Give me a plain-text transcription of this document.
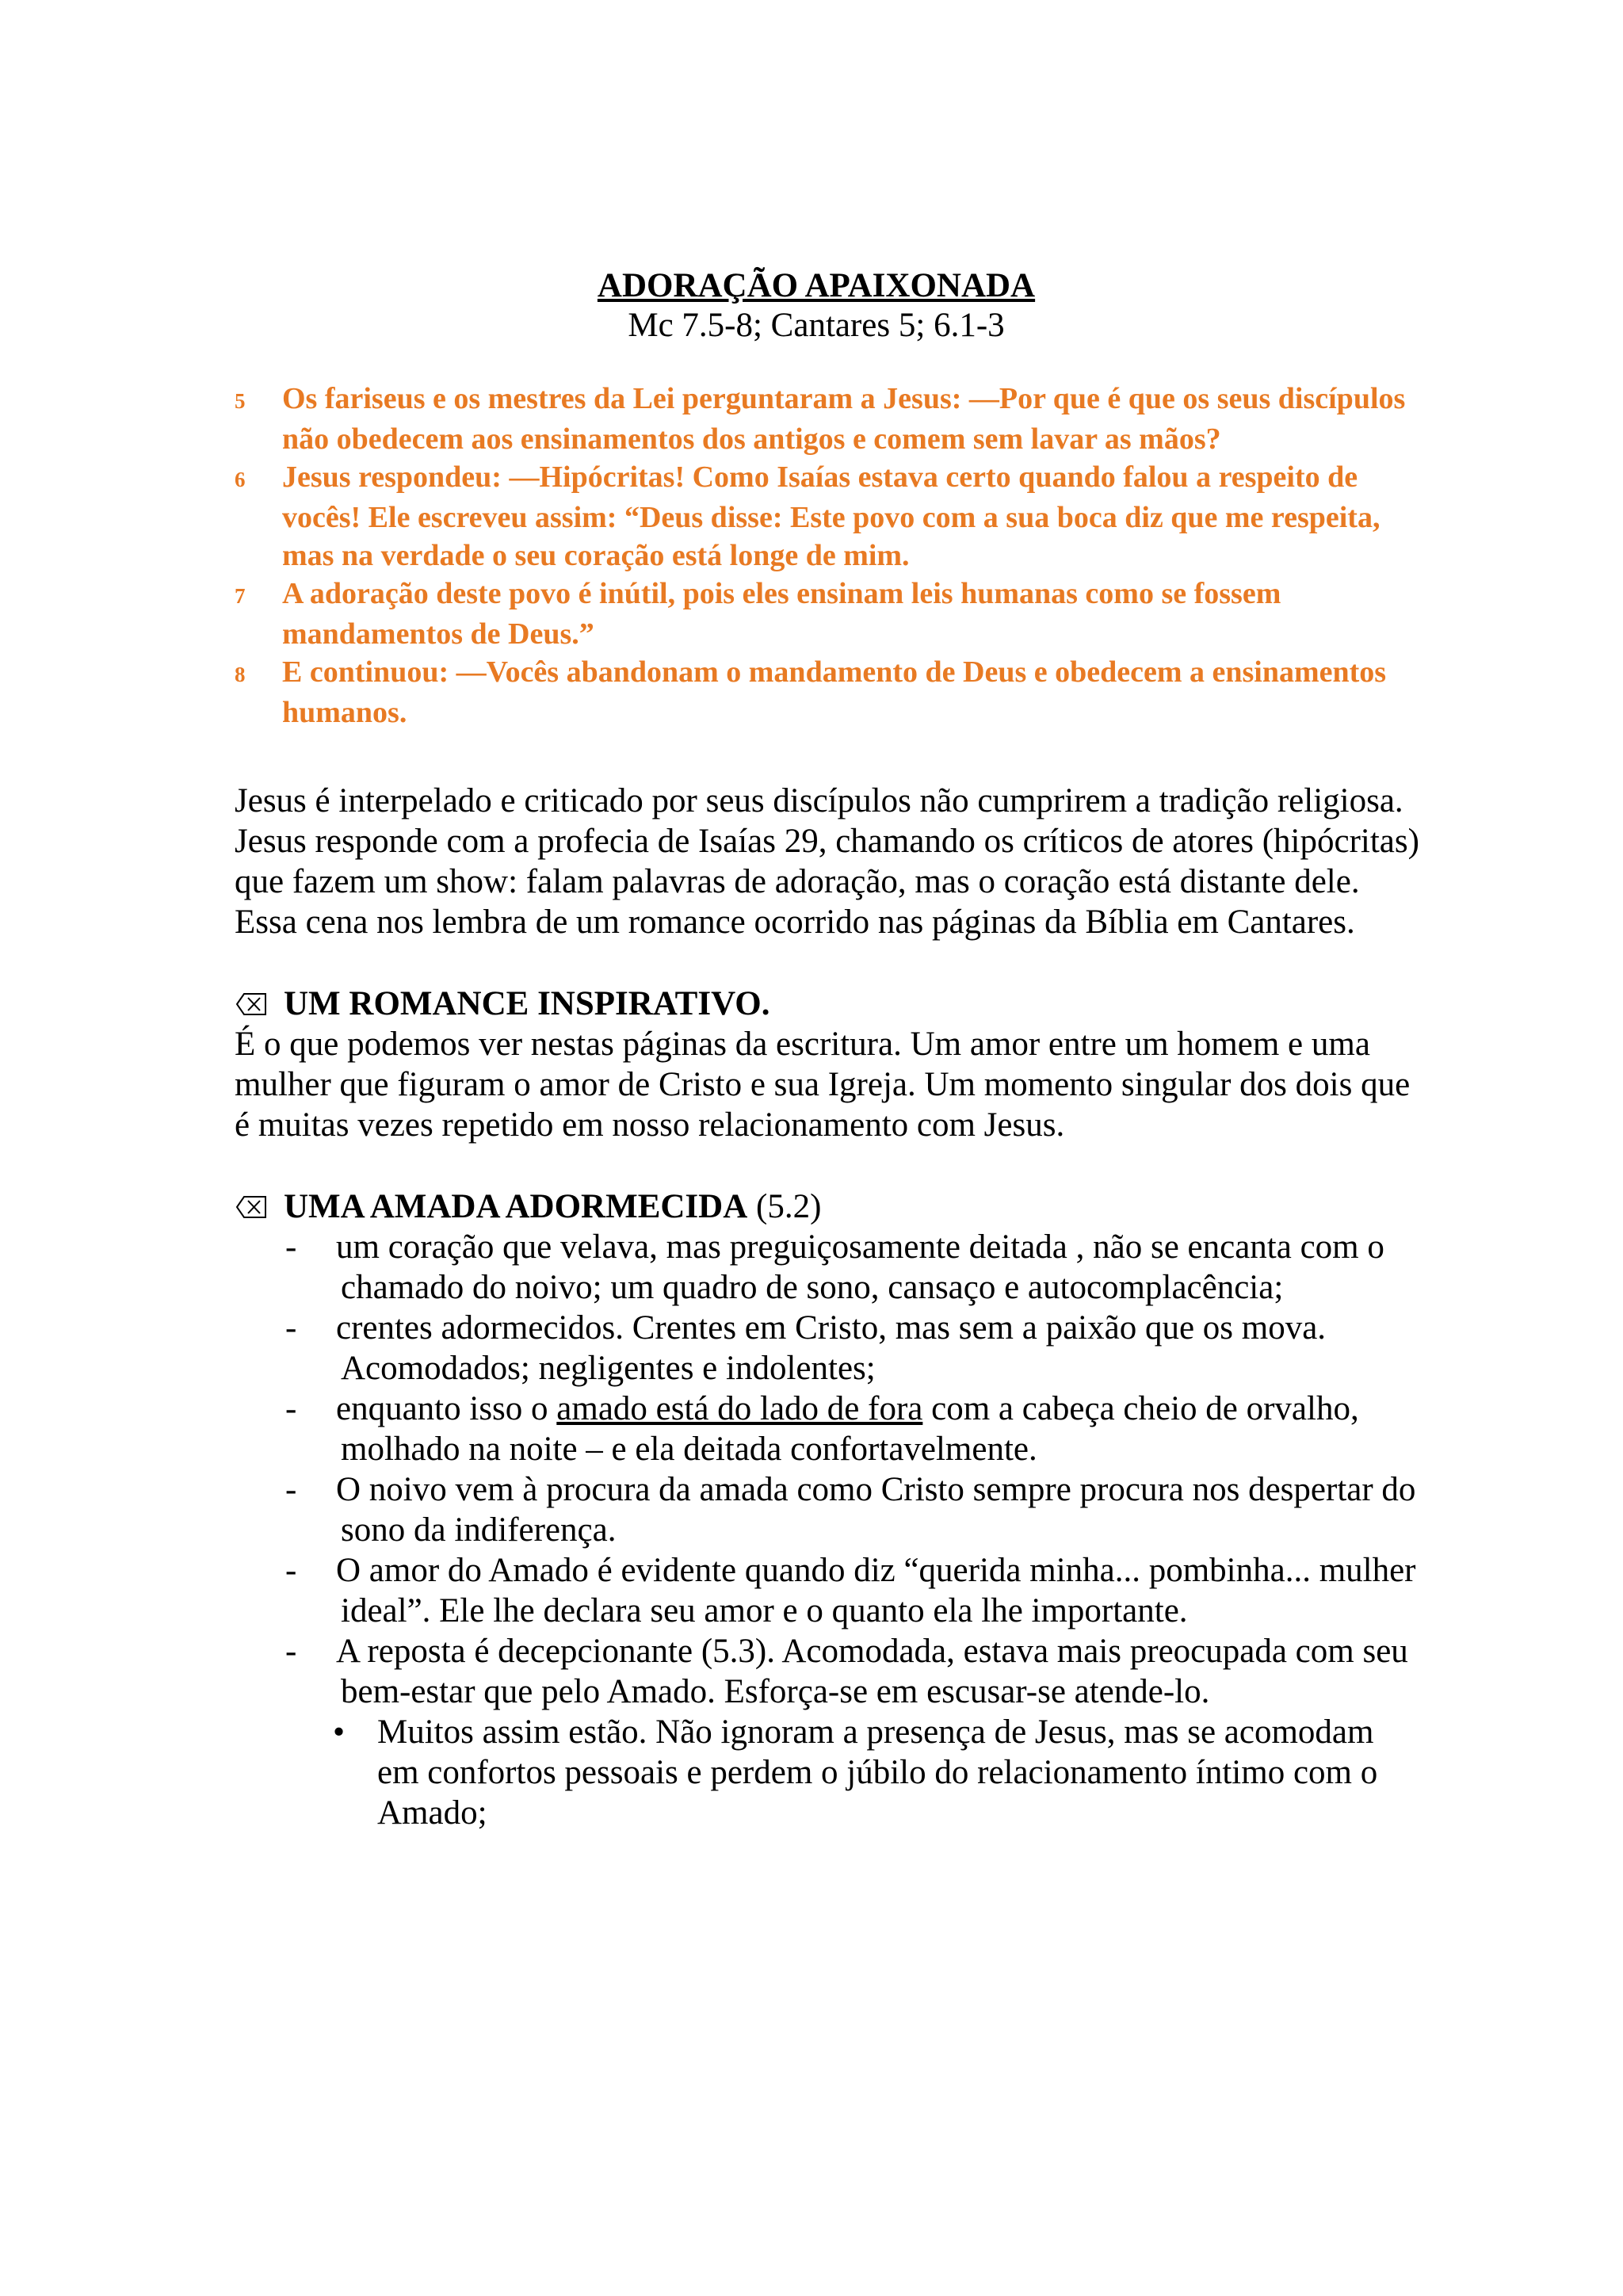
ADORAÇÃO APAIXONADA

Mc 7.5-8; Cantares 5; 6.1-3

5 Os fariseus e os mestres da Lei perguntaram a Jesus: —Por que é que os seus discípulos não obedecem aos ensinamentos dos antigos e comem sem lavar as mãos?
6 Jesus respondeu: —Hipócritas! Como Isaías estava certo quando falou a respeito de vocês! Ele escreveu assim: “Deus disse: Este povo com a sua boca diz que me respeita, mas na verdade o seu coração está longe de mim.
7 A adoração deste povo é inútil, pois eles ensinam leis humanas como se fossem mandamentos de Deus.”
8 E continuou: —Vocês abandonam o mandamento de Deus e obedecem a ensinamentos humanos.

Jesus é interpelado e criticado por seus discípulos não cumprirem a tradição religiosa. Jesus responde com a profecia de Isaías 29, chamando os críticos de atores (hipócritas) que fazem um show: falam palavras de adoração, mas o coração está distante dele.

Essa cena nos lembra de um romance ocorrido nas páginas da Bíblia em Cantares.

UM ROMANCE INSPIRATIVO.

É o que podemos ver nestas páginas da escritura. Um amor entre um homem e uma mulher que figuram o amor de Cristo e sua Igreja. Um momento singular dos dois que é muitas vezes repetido em nosso relacionamento com Jesus.

UMA AMADA ADORMECIDA (5.2)

- um coração que velava, mas preguiçosamente deitada , não se encanta com o chamado do noivo; um quadro de sono, cansaço e autocomplacência;
- crentes adormecidos. Crentes em Cristo, mas sem a paixão que os mova. Acomodados; negligentes e indolentes;
- enquanto isso o amado está do lado de fora com a cabeça cheio de orvalho, molhado na noite – e ela deitada confortavelmente.
- O noivo vem à procura da amada como Cristo sempre procura nos despertar do sono da indiferença.
- O amor do Amado é evidente quando diz “querida minha... pombinha... mulher ideal”. Ele lhe declara seu amor e o quanto ela lhe importante.
- A reposta é decepcionante (5.3). Acomodada, estava mais preocupada com seu bem-estar que pelo Amado. Esforça-se em escusar-se atende-lo.
• Muitos assim estão. Não ignoram a presença de Jesus, mas se acomodam em confortos pessoais e perdem o júbilo do relacionamento íntimo com o Amado;
